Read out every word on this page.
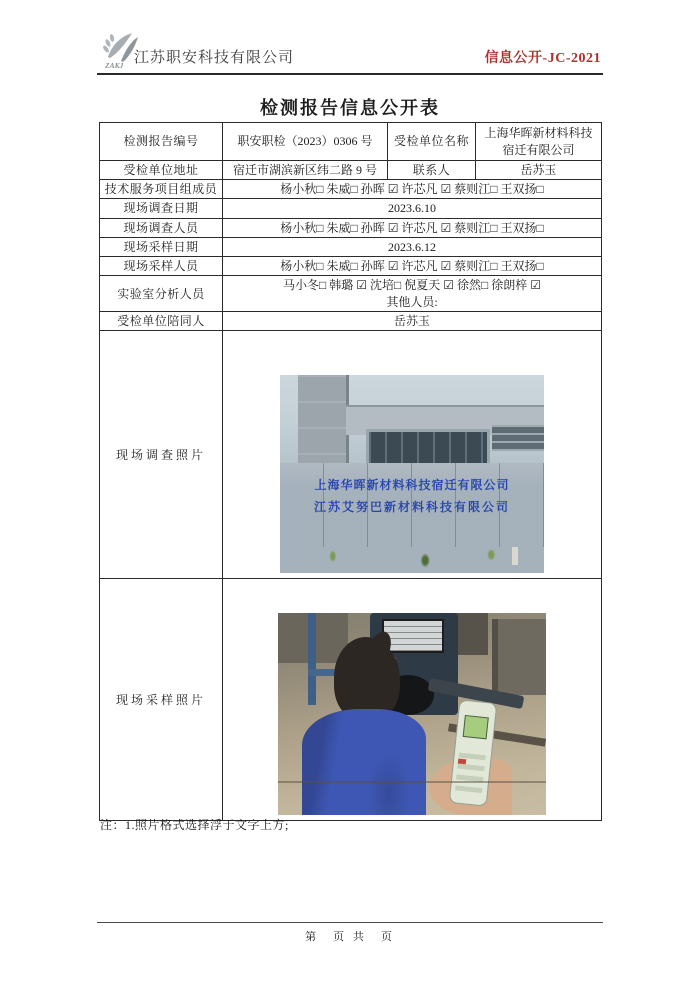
ZAKJ 江苏职安科技有限公司	信息公开-JC-2021
检测报告信息公开表
检测报告编号	职安职检（2023）0306 号	受检单位名称	上海华晖新材料科技宿迁有限公司
受检单位地址	宿迁市湖滨新区纬二路 9 号	联系人	岳苏玉
技术服务项目组成员	杨小秋□ 朱威□ 孙晖 ☑ 许芯凡 ☑ 蔡则江□ 王双扬□		
现场调查日期	2023.6.10		
现场调查人员	杨小秋□ 朱威□ 孙晖 ☑ 许芯凡 ☑ 蔡则江□ 王双扬□		
现场采样日期	2023.6.12		
现场采样人员	杨小秋□ 朱威□ 孙晖 ☑ 许芯凡 ☑ 蔡则江□ 王双扬□		
实验室分析人员	马小冬□ 韩璐 ☑ 沈培□ 倪夏天 ☑ 徐然□ 徐朗梓 ☑
其他人员:		

受检单位陪同人	岳苏玉		
现场调查照片	上海华晖新材料科技宿迁有限公司
江苏艾努巴新材料科技有限公司		

现场采样照片			
注：1.照片格式选择浮于文字上方;
第　页 共　页
